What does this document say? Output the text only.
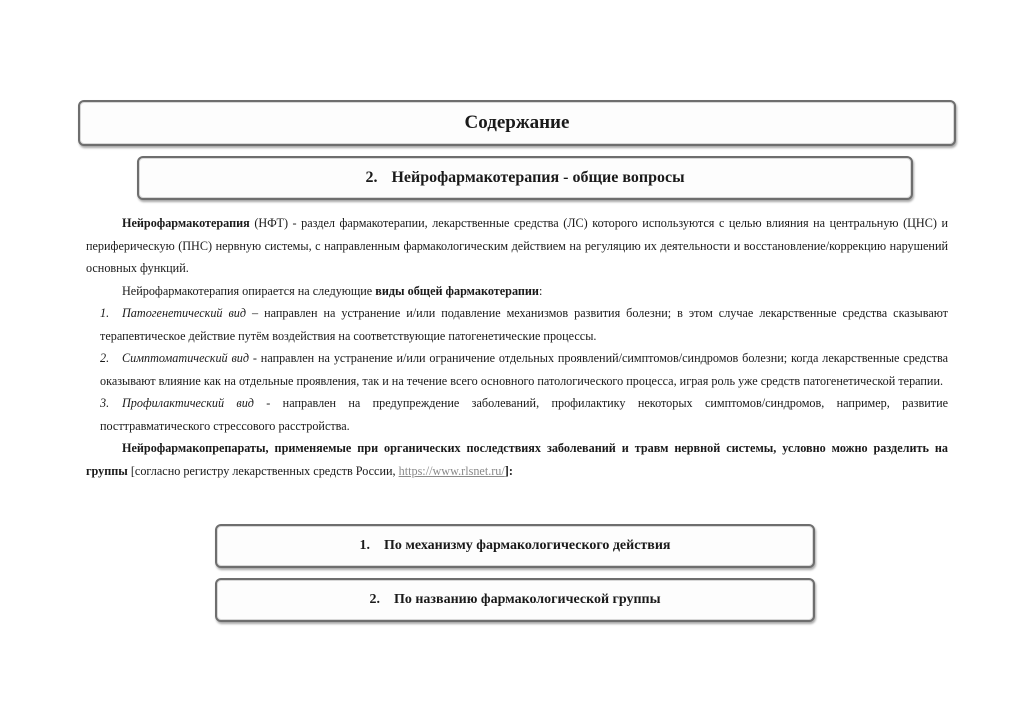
Содержание
2. Нейрофармакотерапия - общие вопросы

Нейрофармакотерапия (НФТ) - раздел фармакотерапии, лекарственные средства (ЛС) которого используются с целью влияния на центральную (ЦНС) и периферическую (ПНС) нервную системы, с направленным фармакологическим действием на регуляцию их деятельности и восстановление/коррекцию нарушений основных функций.

Нейрофармакотерапия опирается на следующие виды общей фармакотерапии:

1. Патогенетический вид – направлен на устранение и/или подавление механизмов развития болезни; в этом случае лекарственные средства сказывают терапевтическое действие путём воздействия на соответствующие патогенетические процессы.

2. Симптоматический вид - направлен на устранение и/или ограничение отдельных проявлений/симптомов/синдромов болезни; когда лекарственные средства оказывают влияние как на отдельные проявления, так и на течение всего основного патологического процесса, играя роль уже средств патогенетической терапии.

3. Профилактический вид - направлен на предупреждение заболеваний, профилактику некоторых симптомов/синдромов, например, развитие посттравматического стрессового расстройства.

Нейрофармакопрепараты, применяемые при органических последствиях заболеваний и травм нервной системы, условно можно разделить на группы [согласно регистру лекарственных средств России, https://www.rlsnet.ru/]:

1. По механизму фармакологического действия
2. По названию фармакологической группы
